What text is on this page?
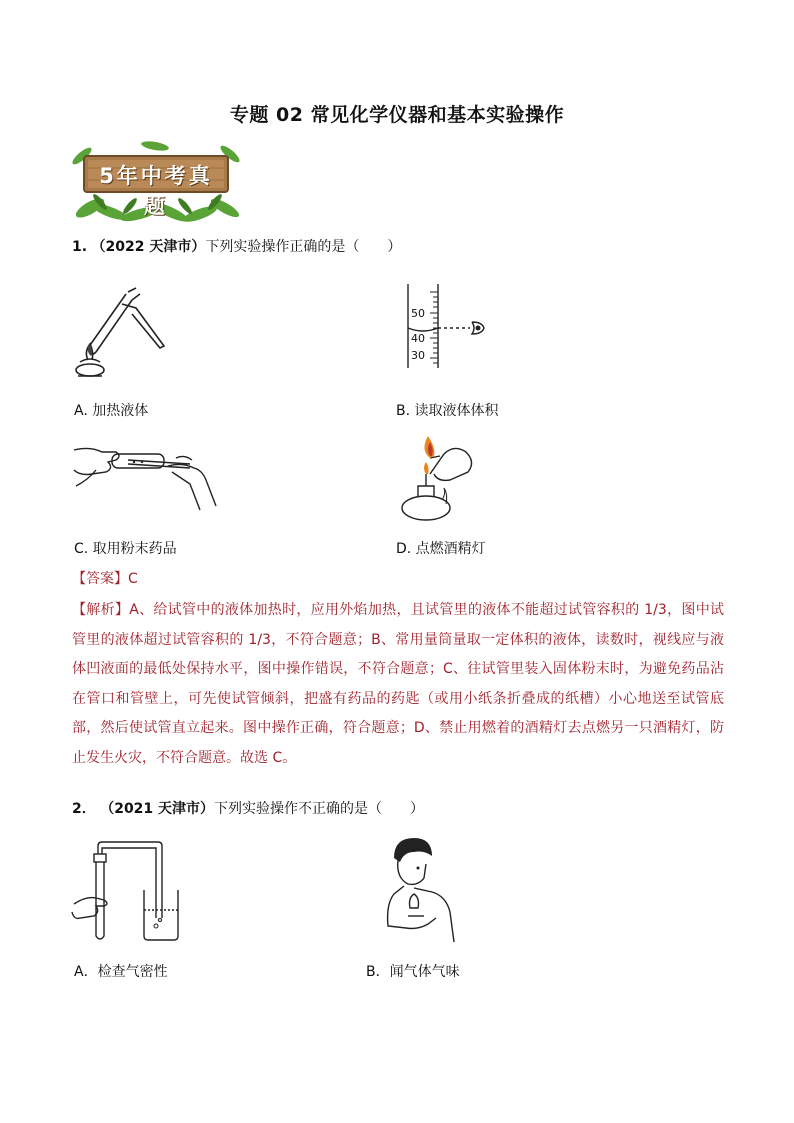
专题 02 常见化学仪器和基本实验操作
5年中考真题
1. （2022 天津市）下列实验操作正确的是（　　）
A. 加热液体
50
40
30
B. 读取液体体积
C. 取用粉末药品	D. 点燃酒精灯
【答案】C
【解析】A、给试管中的液体加热时，应用外焰加热，且试管里的液体不能超过试管容积的 1/3，图中试管里的液体超过试管容积的 1/3，不符合题意；B、常用量筒量取一定体积的液体，读数时，视线应与液体凹液面的最低处保持水平，图中操作错误，不符合题意；C、往试管里装入固体粉末时，为避免药品沾在管口和管壁上，可先使试管倾斜，把盛有药品的药匙（或用小纸条折叠成的纸槽）小心地送至试管底部，然后使试管直立起来。图中操作正确，符合题意；D、禁止用燃着的酒精灯去点燃另一只酒精灯，防止发生火灾，不符合题意。故选 C。
2． （2021 天津市）下列实验操作不正确的是（　　）
A．检查气密性	B．闻气体气味
